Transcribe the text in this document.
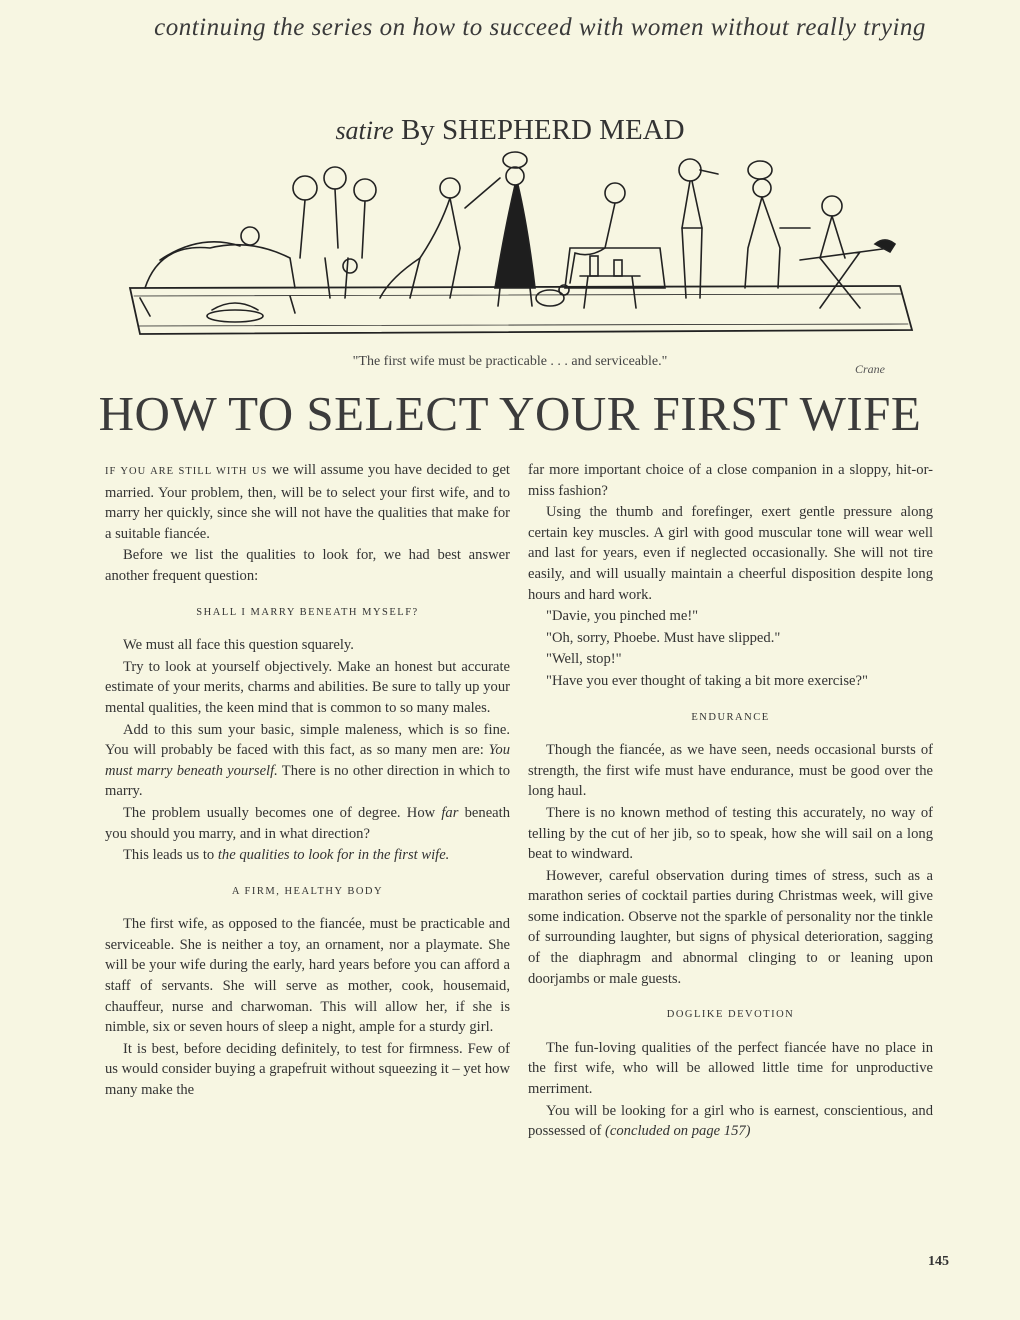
continuing the series on how to succeed with women without really trying
satire By SHEPHERD MEAD
"The first wife must be practicable . . . and serviceable."	Crane
HOW TO SELECT YOUR FIRST WIFE

IF YOU ARE STILL WITH US we will assume you have decided to get married. Your problem, then, will be to select your first wife, and to marry her quickly, since she will not have the qualities that make for a suitable fiancée.

Before we list the qualities to look for, we had best answer another frequent question:

SHALL I MARRY BENEATH MYSELF?

We must all face this question squarely.

Try to look at yourself objectively. Make an honest but accurate estimate of your merits, charms and abilities. Be sure to tally up your mental qualities, the keen mind that is common to so many males.

Add to this sum your basic, simple maleness, which is so fine. You will probably be faced with this fact, as so many men are: You must marry beneath yourself. There is no other direction in which to marry.

The problem usually becomes one of degree. How far beneath you should you marry, and in what direction?

This leads us to the qualities to look for in the first wife.

A FIRM, HEALTHY BODY

The first wife, as opposed to the fiancée, must be practicable and serviceable. She is neither a toy, an ornament, nor a playmate. She will be your wife during the early, hard years before you can afford a staff of servants. She will serve as mother, cook, housemaid, chauffeur, nurse and charwoman. This will allow her, if she is nimble, six or seven hours of sleep a night, ample for a sturdy girl.

It is best, before deciding definitely, to test for firmness. Few of us would consider buying a grapefruit without squeezing it – yet how many make the

far more important choice of a close companion in a sloppy, hit-or-miss fashion?

Using the thumb and forefinger, exert gentle pressure along certain key muscles. A girl with good muscular tone will wear well and last for years, even if neglected occasionally. She will not tire easily, and will usually maintain a cheerful disposition despite long hours and hard work.

"Davie, you pinched me!"

"Oh, sorry, Phoebe. Must have slipped."

"Well, stop!"

"Have you ever thought of taking a bit more exercise?"

ENDURANCE

Though the fiancée, as we have seen, needs occasional bursts of strength, the first wife must have endurance, must be good over the long haul.

There is no known method of testing this accurately, no way of telling by the cut of her jib, so to speak, how she will sail on a long beat to windward.

However, careful observation during times of stress, such as a marathon series of cocktail parties during Christmas week, will give some indication. Observe not the sparkle of personality nor the tinkle of surrounding laughter, but signs of physical deterioration, sagging of the diaphragm and abnormal clinging to or leaning upon doorjambs or male guests.

DOGLIKE DEVOTION

The fun-loving qualities of the perfect fiancée have no place in the first wife, who will be allowed little time for unproductive merriment.

You will be looking for a girl who is earnest, conscientious, and possessed of (concluded on page 157)

145
